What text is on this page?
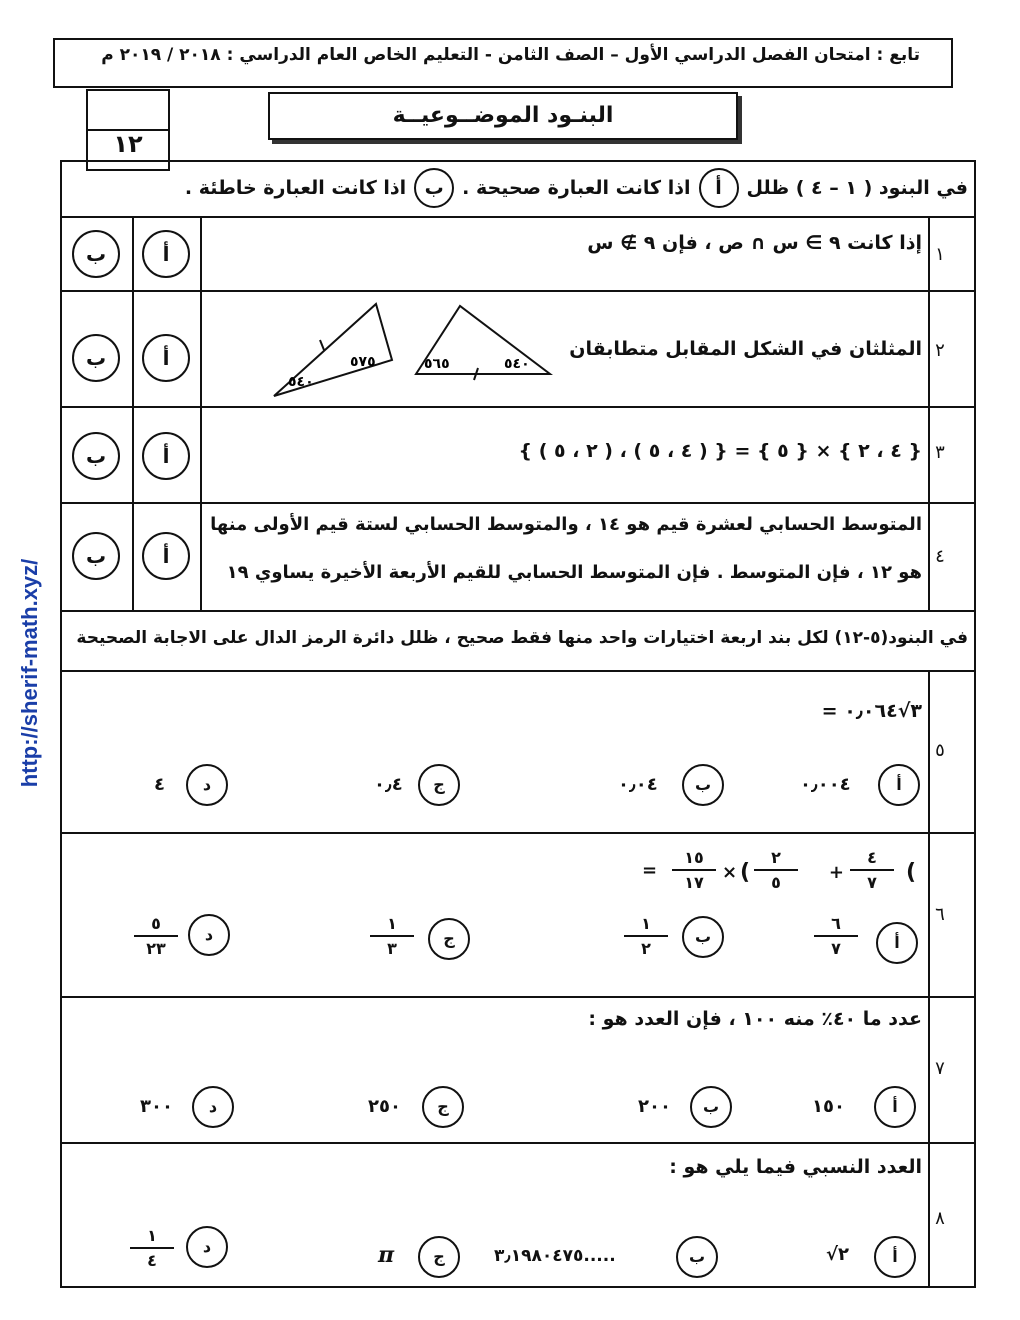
http://sherif-math.xyz/
تابع : امتحان الفصل الدراسي الأول – الصف الثامن - التعليم الخاص العام الدراسي : ٢٠١٨ / ٢٠١٩ م
١٢
البنـود الموضــوعيــة
في البنود ( ١ – ٤ ) ظلل
أ
اذا كانت العبارة صحيحة .
ب
اذا كانت العبارة خاطئة .
١
إذا كانت ٩ ∋ س ∩ ص ، فإن ٩ ∌ س
أ
ب
٢
المثلثان في الشكل المقابل متطابقان
٥٧٥
٥٤٠
٥٦٥	٥٤٠
أ
ب
٣
{ ٤ ، ٢ } × { ٥ } = { ( ٤ ، ٥ ) ، ( ٢ ، ٥ ) }
أ
ب
٤
المتوسط الحسابي لعشرة قيم هو ١٤ ، والمتوسط الحسابي لستة قيم الأولى منها
هو ١٢ ، فإن المتوسط . فإن المتوسط الحسابي للقيم الأربعة الأخيرة يساوي ١٩
أ
ب
في البنود(٥-١٢) لكل بند اربعة اختيارات واحد منها فقط صحيح ، ظلل دائرة الرمز الدال على الاجابة الصحيحة
٥
٣√٠٫٠٦٤ =
أ
٠٫٠٠٤
ب
٠٫٠٤
ج
٠٫٤
د
٤
٦
(
٤
٧
+
٢
٥
(
×
١٥
١٧
=
أ
٦
٧
ب
١
٢
ج
١
٣
د
٥
٢٣
٧
عدد ما ٤٠٪ منه ١٠٠ ، فإن العدد هو :
أ
١٥٠
ب
٢٠٠
ج
٢٥٠
د
٣٠٠
٨
العدد النسبي فيما يلي هو :
أ
√٢
ب
٣٫١٩٨٠٤٧٥.....
ج
π
د
١
٤
